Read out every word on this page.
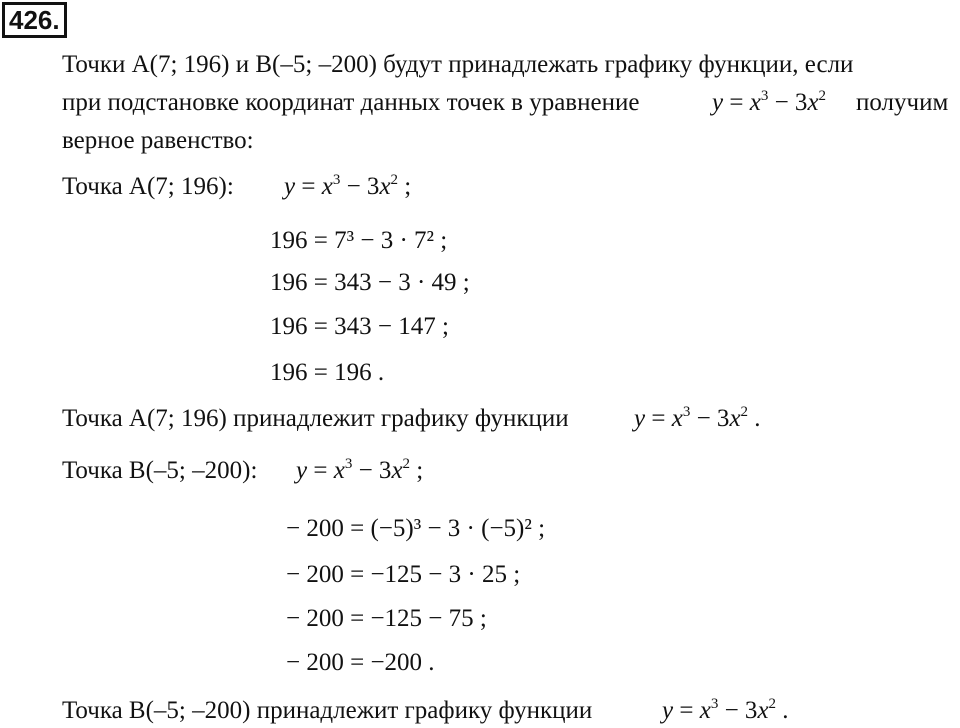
426.
Точки A(7; 196) и B(–5; –200) будут принадлежать графику функции, если
при подстановке координат данных точек в уравнение	$y = x^3 - 3x^2$ получим
верное равенство:
Точка A(7; 196): $y = x^3 - 3x^2$ ;
196 = 7³ − 3 · 7² ;
196 = 343 − 3 · 49 ;
196 = 343 − 147 ;
196 = 196 .
Точка A(7; 196) принадлежит графику функции	$y = x^3 - 3x^2$ .
Точка B(–5; –200): $y = x^3 - 3x^2$ ;
− 200 = (−5)³ − 3 · (−5)² ;
− 200 = −125 − 3 · 25 ;
− 200 = −125 − 75 ;
− 200 = −200 .
Точка B(–5; –200) принадлежит графику функции	$y = x^3 - 3x^2$ .
